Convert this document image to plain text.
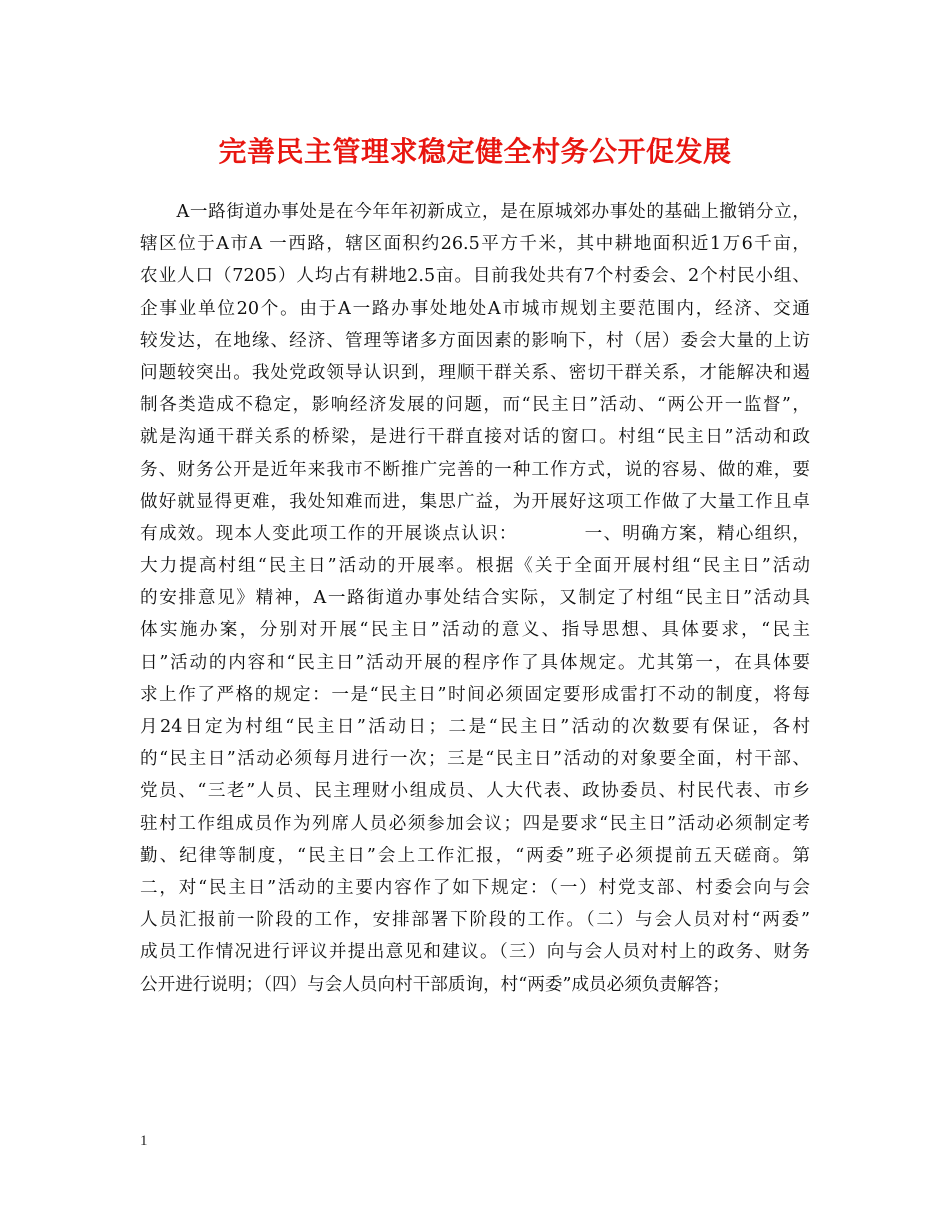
完善民主管理求稳定健全村务公开促发展
　　A一路街道办事处是在今年年初新成立，是在原城郊办事处的基础上撤销分立，
辖区位于A市A 一西路，辖区面积约26.5平方千米，其中耕地面积近1万6千亩，
农业人口（7205）人均占有耕地2.5亩。目前我处共有7个村委会、2个村民小组、
企事业单位20个。由于A一路办事处地处A市城市规划主要范围内，经济、交通
较发达，在地缘、经济、管理等诸多方面因素的影响下，村（居）委会大量的上访
问题较突出。我处党政领导认识到，理顺干群关系、密切干群关系，才能解决和遏
制各类造成不稳定，影响经济发展的问题，而“民主日”活动、“两公开一监督”，
就是沟通干群关系的桥梁，是进行干群直接对话的窗口。村组“民主日”活动和政
务、财务公开是近年来我市不断推广完善的一种工作方式，说的容易、做的难，要
做好就显得更难，我处知难而进，集思广益，为开展好这项工作做了大量工作且卓
有成效。现本人变此项工作的开展谈点认识：　　　　一、明确方案，精心组织，
大力提高村组“民主日”活动的开展率。根据《关于全面开展村组“民主日”活动
的安排意见》精神，A一路街道办事处结合实际，又制定了村组“民主日”活动具
体实施办案，分别对开展“民主日”活动的意义、指导思想、具体要求，“民主
日”活动的内容和“民主日”活动开展的程序作了具体规定。尤其第一，在具体要
求上作了严格的规定：一是“民主日”时间必须固定要形成雷打不动的制度，将每
月24日定为村组“民主日”活动日；二是“民主日”活动的次数要有保证，各村
的“民主日”活动必须每月进行一次；三是“民主日”活动的对象要全面，村干部、
党员、“三老”人员、民主理财小组成员、人大代表、政协委员、村民代表、市乡
驻村工作组成员作为列席人员必须参加会议；四是要求“民主日”活动必须制定考
勤、纪律等制度，“民主日”会上工作汇报，“两委”班子必须提前五天磋商。第
二，对“民主日”活动的主要内容作了如下规定：（一）村党支部、村委会向与会
人员汇报前一阶段的工作，安排部署下阶段的工作。（二）与会人员对村“两委”
成员工作情况进行评议并提出意见和建议。（三）向与会人员对村上的政务、财务
公开进行说明；（四）与会人员向村干部质询，村“两委”成员必须负责解答；
1
